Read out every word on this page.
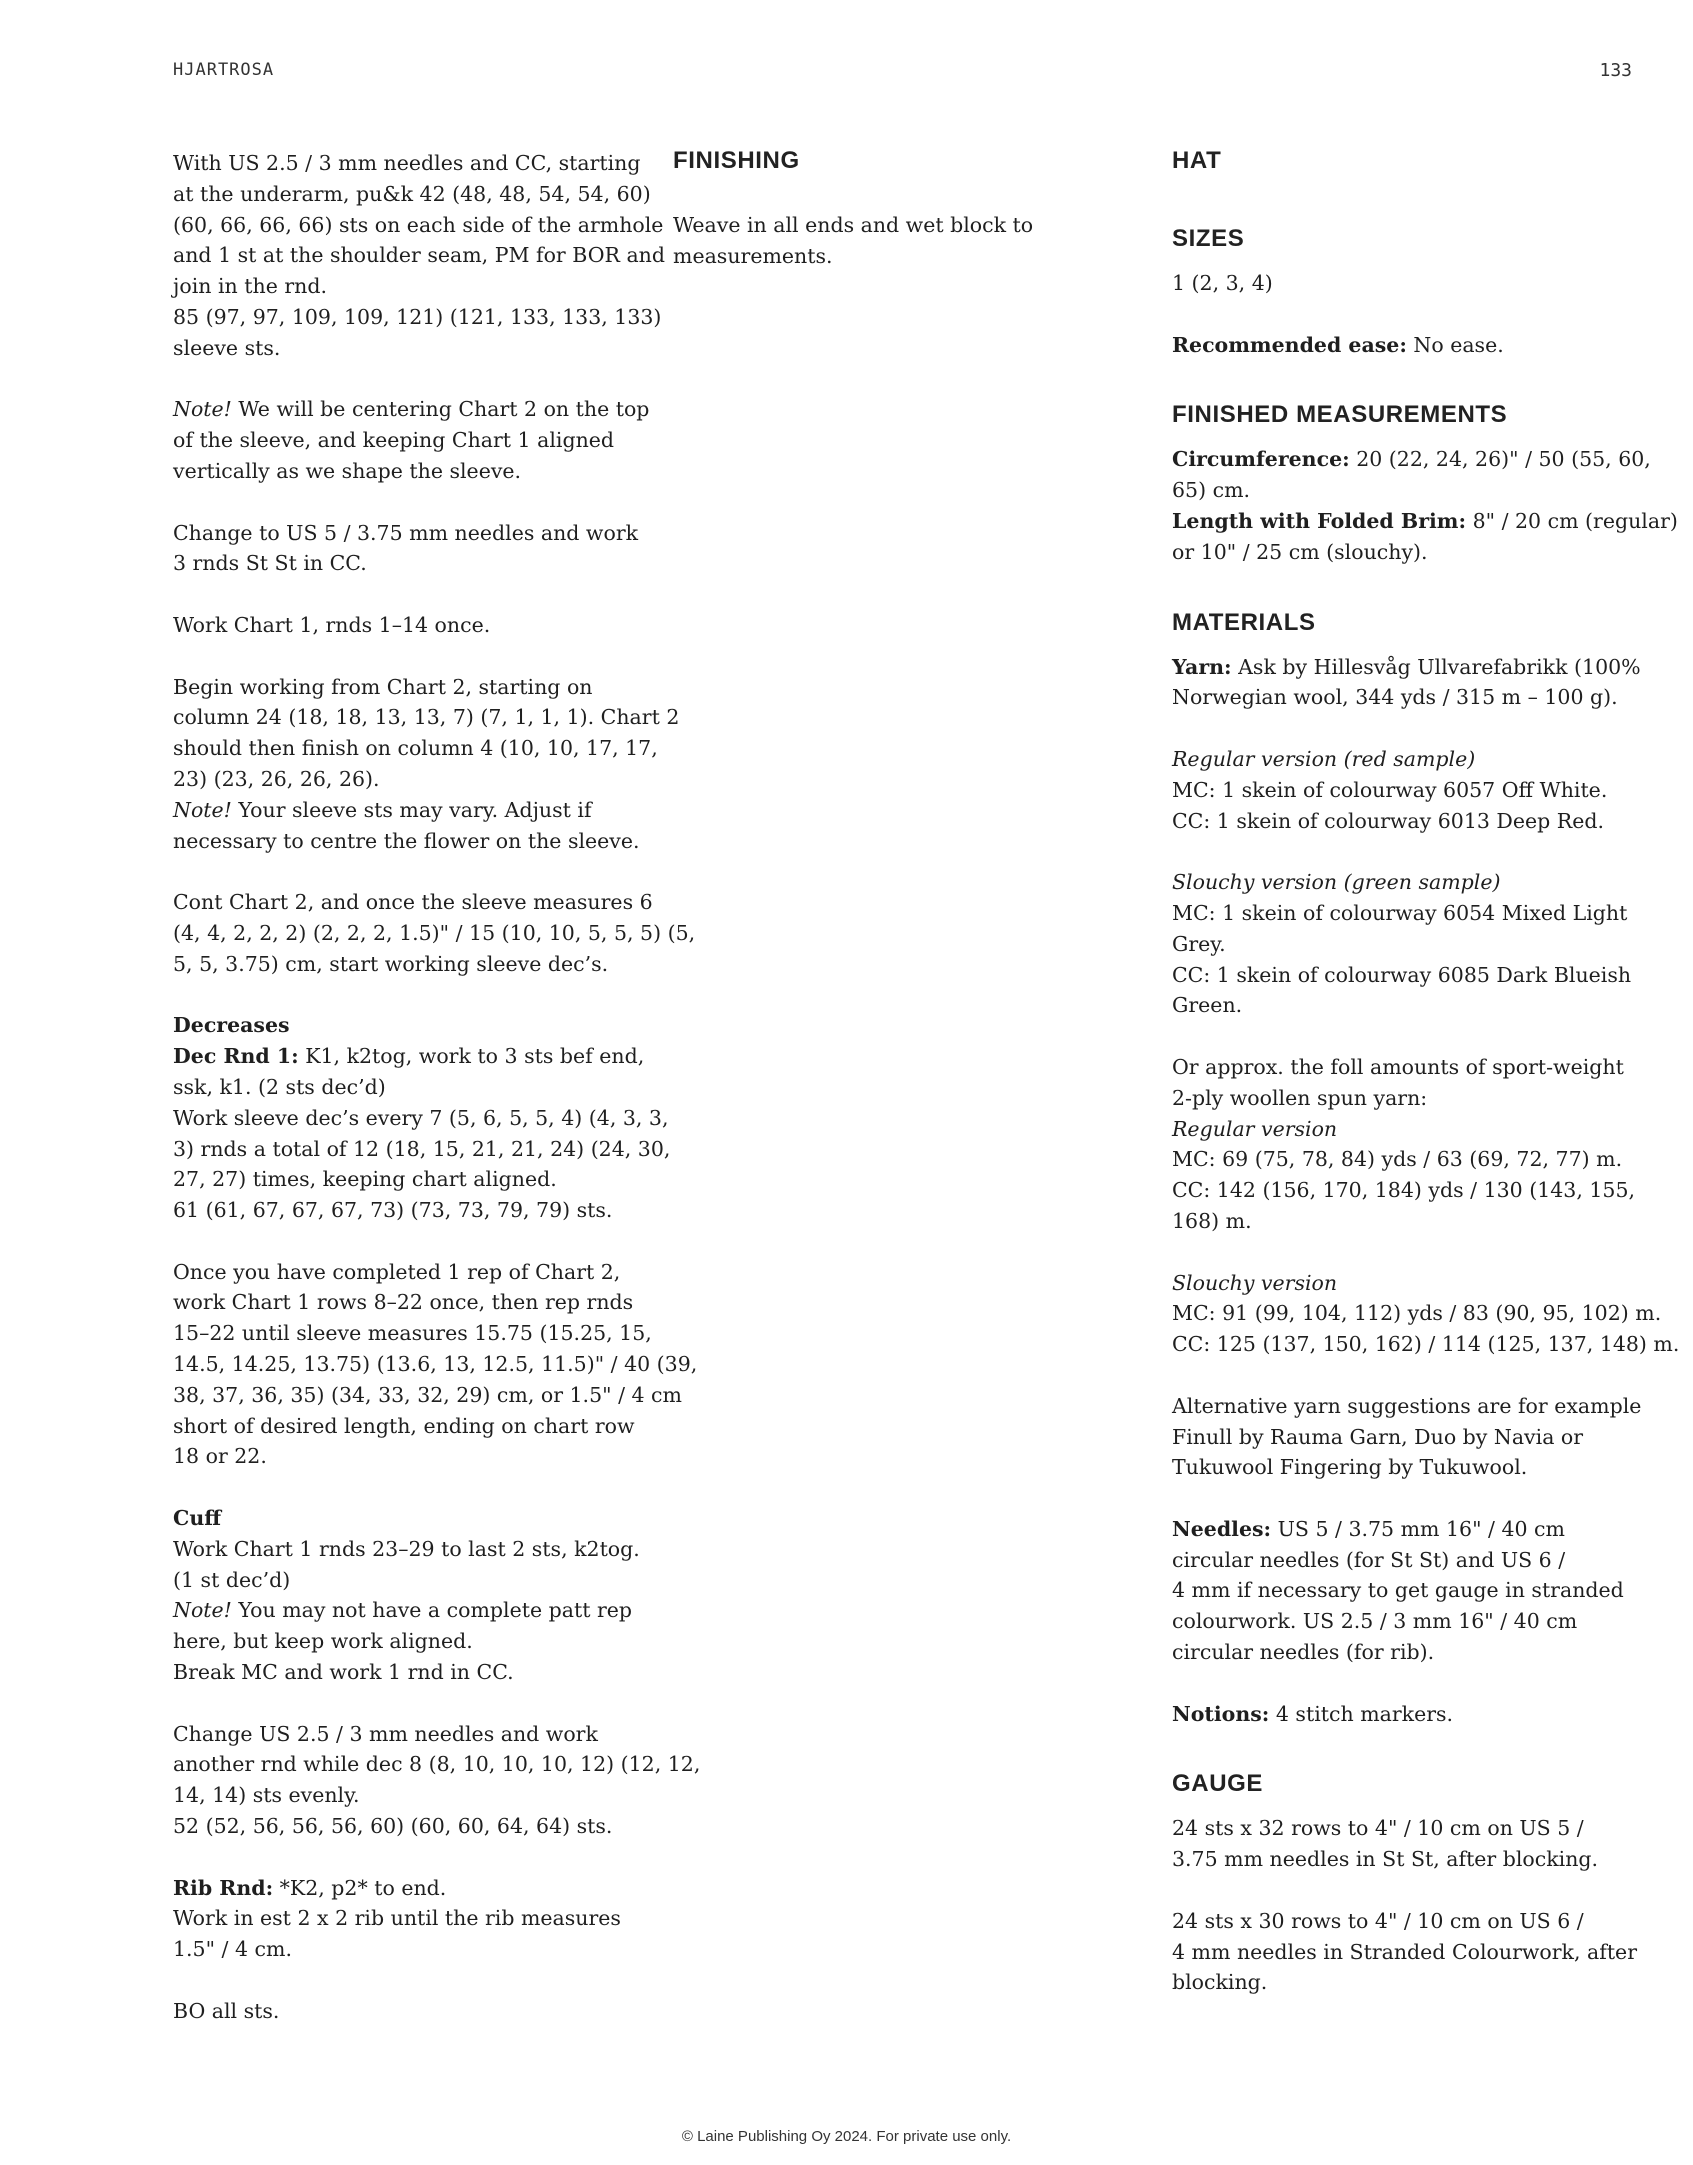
HJARTROSA	133

With US 2.5 / 3 mm needles and CC, starting
at the underarm, pu&k 42 (48, 48, 54, 54, 60)
(60, 66, 66, 66) sts on each side of the armhole
and 1 st at the shoulder seam, PM for BOR and
join in the rnd.
85 (97, 97, 109, 109, 121) (121, 133, 133, 133)
sleeve sts.

Note! We will be centering Chart 2 on the top
of the sleeve, and keeping Chart 1 aligned
vertically as we shape the sleeve.

Change to US 5 / 3.75 mm needles and work
3 rnds St St in CC.

Work Chart 1, rnds 1–14 once.

Begin working from Chart 2, starting on
column 24 (18, 18, 13, 13, 7) (7, 1, 1, 1). Chart 2
should then finish on column 4 (10, 10, 17, 17,
23) (23, 26, 26, 26).
Note! Your sleeve sts may vary. Adjust if
necessary to centre the flower on the sleeve.

Cont Chart 2, and once the sleeve measures 6
(4, 4, 2, 2, 2) (2, 2, 2, 1.5)" / 15 (10, 10, 5, 5, 5) (5,
5, 5, 3.75) cm, start working sleeve dec’s.

Decreases
Dec Rnd 1: K1, k2tog, work to 3 sts bef end,
ssk, k1. (2 sts dec’d)
Work sleeve dec’s every 7 (5, 6, 5, 5, 4) (4, 3, 3,
3) rnds a total of 12 (18, 15, 21, 21, 24) (24, 30,
27, 27) times, keeping chart aligned.
61 (61, 67, 67, 67, 73) (73, 73, 79, 79) sts.

Once you have completed 1 rep of Chart 2,
work Chart 1 rows 8–22 once, then rep rnds
15–22 until sleeve measures 15.75 (15.25, 15,
14.5, 14.25, 13.75) (13.6, 13, 12.5, 11.5)" / 40 (39,
38, 37, 36, 35) (34, 33, 32, 29) cm, or 1.5" / 4 cm
short of desired length, ending on chart row
18 or 22.

Cuff
Work Chart 1 rnds 23–29 to last 2 sts, k2tog.
(1 st dec’d)
Note! You may not have a complete patt rep
here, but keep work aligned.
Break MC and work 1 rnd in CC.

Change US 2.5 / 3 mm needles and work
another rnd while dec 8 (8, 10, 10, 10, 12) (12, 12,
14, 14) sts evenly.
52 (52, 56, 56, 56, 60) (60, 60, 64, 64) sts.

Rib Rnd: *K2, p2* to end.
Work in est 2 x 2 rib until the rib measures
1.5" / 4 cm.

BO all sts.

FINISHING

Weave in all ends and wet block to
measurements.

HAT
SIZES

1 (2, 3, 4)

Recommended ease: No ease.

FINISHED MEASUREMENTS

Circumference: 20 (22, 24, 26)" / 50 (55, 60,
65) cm.
Length with Folded Brim: 8" / 20 cm (regular)
or 10" / 25 cm (slouchy).

MATERIALS

Yarn: Ask by Hillesvåg Ullvarefabrikk (100%
Norwegian wool, 344 yds / 315 m – 100 g).

Regular version (red sample)
MC: 1 skein of colourway 6057 Off White.
CC: 1 skein of colourway 6013 Deep Red.

Slouchy version (green sample)
MC: 1 skein of colourway 6054 Mixed Light
Grey.
CC: 1 skein of colourway 6085 Dark Blueish
Green.

Or approx. the foll amounts of sport-weight
2-ply woollen spun yarn:
Regular version
MC: 69 (75, 78, 84) yds / 63 (69, 72, 77) m.
CC: 142 (156, 170, 184) yds / 130 (143, 155,
168) m.

Slouchy version
MC: 91 (99, 104, 112) yds / 83 (90, 95, 102) m.
CC: 125 (137, 150, 162) / 114 (125, 137, 148) m.

Alternative yarn suggestions are for example
Finull by Rauma Garn, Duo by Navia or
Tukuwool Fingering by Tukuwool.

Needles: US 5 / 3.75 mm 16" / 40 cm
circular needles (for St St) and US 6 /
4 mm if necessary to get gauge in stranded
colourwork. US 2.5 / 3 mm 16" / 40 cm
circular needles (for rib).

Notions: 4 stitch markers.

GAUGE

24 sts x 32 rows to 4" / 10 cm on US 5 /
3.75 mm needles in St St, after blocking.

24 sts x 30 rows to 4" / 10 cm on US 6 /
4 mm needles in Stranded Colourwork, after
blocking.

© Laine Publishing Oy 2024. For private use only.
